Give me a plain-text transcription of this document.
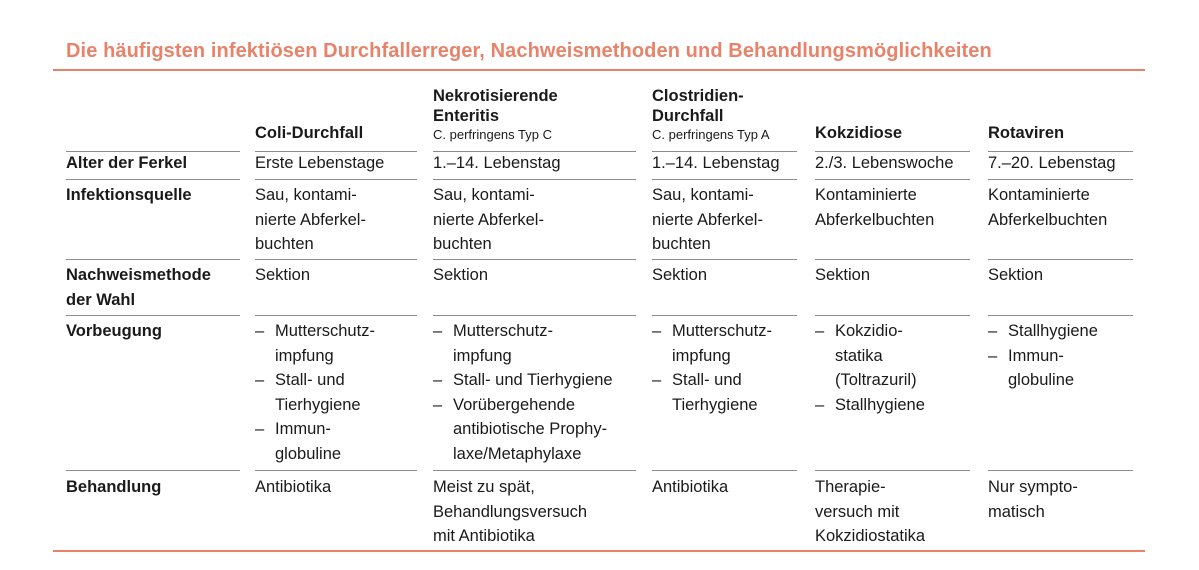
Die häufigsten infektiösen Durchfallerreger, Nachweismethoden und Behandlungsmöglichkeiten
Coli-Durchfall
Nekrotisierende
Enteritis
C. perfringens Typ C
Clostridien-
Durchfall
C. perfringens Typ A	Kokzidiose	Rotaviren
Alter der Ferkel	Erste Lebenstage	1.–14. Lebenstag	1.–14. Lebenstag 2./3. Lebenswoche 7.–20. Lebenstag
Infektionsquelle	Sau, kontami-
nierte Abferkel-
buchten
Sau, kontami-
nierte Abferkel-
buchten
Sau, kontami-
nierte Abferkel-
buchten
Kontaminierte
Abferkelbuchten
Kontaminierte
Abferkelbuchten
Nachweismethode
der Wahl
Sektion	Sektion	Sektion	Sektion	Sektion
Vorbeugung
–	Mutterschutz-
impfung
– Stall- und
Tierhygiene
– Immun-
globuline
– Mutterschutz-
impfung
– Stall- und Tierhygiene
– Vorübergehende
antibiotische Prophy-
laxe/Metaphylaxe
– Mutterschutz-
impfung
– Stall- und
Tierhygiene
– Kokzidio-
statika
(Toltrazuril)
– Stallhygiene
– Stallhygiene
– Immun-
globuline
Behandlung	Antibiotika	Meist zu spät,
Behandlungsversuch
mit Antibiotika
Antibiotika	Therapie-
versuch mit
Kokzidiostatika
Nur sympto-
matisch
